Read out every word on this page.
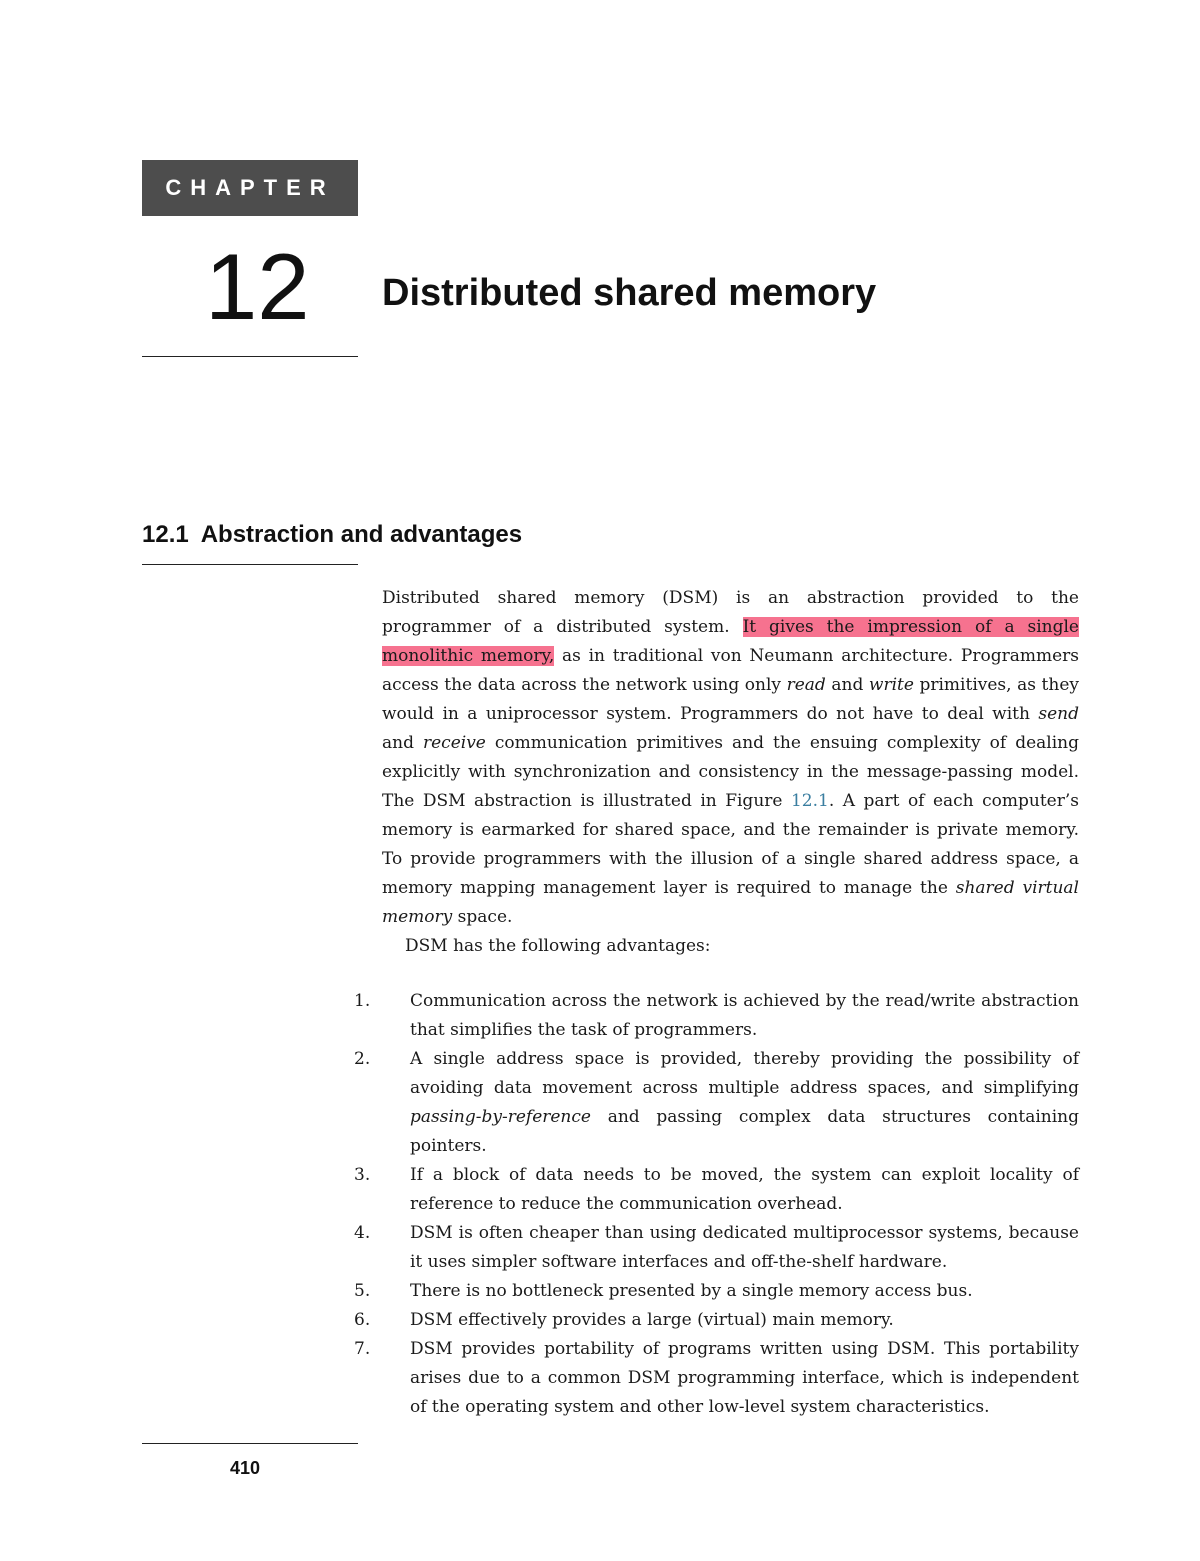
CHAPTER
12 Distributed shared memory
12.1 Abstraction and advantages

Distributed shared memory (DSM) is an abstraction provided to the programmer of a distributed system. It gives the impression of a single monolithic memory, as in traditional von Neumann architecture. Programmers access the data across the network using only read and write primitives, as they would in a uniprocessor system. Programmers do not have to deal with send and receive communication primitives and the ensuing complexity of dealing explicitly with synchronization and consistency in the message-passing model. The DSM abstraction is illustrated in Figure 12.1. A part of each computer’s memory is earmarked for shared space, and the remainder is private memory. To provide programmers with the illusion of a single shared address space, a memory mapping management layer is required to manage the shared virtual memory space.

DSM has the following advantages:

1.	Communication across the network is achieved by the read/write abstraction that simplifies the task of programmers.
2.	A single address space is provided, thereby providing the possibility of avoiding data movement across multiple address spaces, and simplifying passing-by-reference and passing complex data structures containing pointers.
3.	If a block of data needs to be moved, the system can exploit locality of reference to reduce the communication overhead.
4.	DSM is often cheaper than using dedicated multiprocessor systems, because it uses simpler software interfaces and off-the-shelf hardware.
5.	There is no bottleneck presented by a single memory access bus.
6.	DSM effectively provides a large (virtual) main memory.
7.	DSM provides portability of programs written using DSM. This portability arises due to a common DSM programming interface, which is independent of the operating system and other low-level system characteristics.
410
